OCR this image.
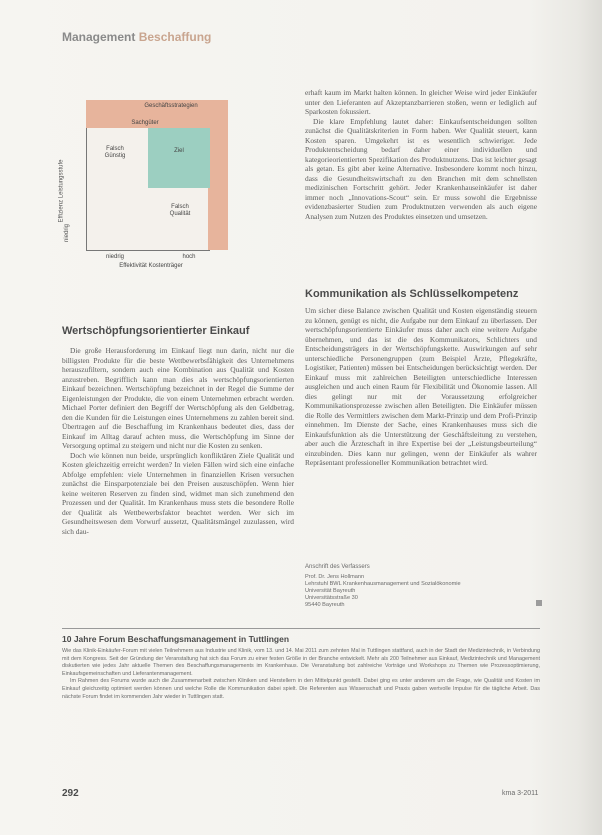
Management Beschaffung
Geschäftsstrategien
Sachgüter
Falsch
Günstig
Ziel
Falsch
Qualität
Effizienz Leistungsstufe
niedrig
niedrig	hoch
Effektivität Kostenträger
Wertschöpfungsorientierter Einkauf

Die große Herausforderung im Einkauf liegt nun darin, nicht nur die billigsten Produkte für die beste Wettbewerbsfähigkeit des Unternehmens herauszufiltern, sondern auch eine Kombination aus Qualität und Kosten anzustreben. Begrifflich kann man dies als wertschöpfungsorientierten Einkauf bezeichnen. Wertschöpfung bezeichnet in der Regel die Summe der Eigenleistungen der Produkte, die von einem Unternehmen erbracht werden. Michael Porter definiert den Begriff der Wertschöpfung als den Geldbetrag, den die Kunden für die Leistungen eines Unternehmens zu zahlen bereit sind. Übertragen auf die Beschaffung im Krankenhaus bedeutet dies, dass der Einkauf im Alltag darauf achten muss, die Wertschöpfung im Sinne der Versorgung optimal zu steigern und nicht nur die Kosten zu senken.

Doch wie können nun beide, ursprünglich konfliktären Ziele Qualität und Kosten gleichzeitig erreicht werden? In vielen Fällen wird sich eine einfache Abfolge empfehlen: viele Unternehmen in finanziellen Krisen versuchen zunächst die Einsparpotenziale bei den Preisen auszuschöpfen. Wenn hier keine weiteren Reserven zu finden sind, widmet man sich zunehmend den Prozessen und der Qualität. Im Krankenhaus muss stets die besondere Rolle der Qualität als Wettbewerbsfaktor beachtet werden. Wer sich im Gesundheitswesen dem Vorwurf aussetzt, Qualitätsmängel zuzulassen, wird sich dau-

erhaft kaum im Markt halten können. In gleicher Weise wird jeder Einkäufer unter den Lieferanten auf Akzeptanzbarrieren stoßen, wenn er lediglich auf Sparkosten fokussiert.

Die klare Empfehlung lautet daher: Einkaufsentscheidungen sollten zunächst die Qualitätskriterien in Form haben. Wer Qualität steuert, kann Kosten sparen. Umgekehrt ist es wesentlich schwieriger. Jede Produktentscheidung bedarf daher einer individuellen und kategorieorientierten Spezifikation des Produktnutzens. Das ist leichter gesagt als getan. Es gibt aber keine Alternative. Insbesondere kommt noch hinzu, dass die Gesundheitswirtschaft zu den Branchen mit dem schnellsten medizinischen Fortschritt gehört. Jeder Krankenhauseinkäufer ist daher immer noch „Innovations-Scout“ sein. Er muss sowohl die Ergebnisse evidenzbasierter Studien zum Produktnutzen verwenden als auch eigene Analysen zum Nutzen des Produktes einsetzen und umsetzen.

Kommunikation als Schlüsselkompetenz

Um sicher diese Balance zwischen Qualität und Kosten eigenständig steuern zu können, genügt es nicht, die Aufgabe nur dem Einkauf zu überlassen. Der wertschöpfungsorientierte Einkäufer muss daher auch eine weitere Aufgabe übernehmen, und das ist die des Kommunikators, Schlichters und Entscheidungsträgers in der Wertschöpfungskette. Auswirkungen auf sehr unterschiedliche Personengruppen (zum Beispiel Ärzte, Pflegekräfte, Logistiker, Patienten) müssen bei Entscheidungen berücksichtigt werden. Der Einkauf muss mit zahlreichen Beteiligten unterschiedliche Interessen ausgleichen und auch einen Raum für Flexibilität und Ökonomie lassen. All dies gelingt nur mit der Voraussetzung erfolgreicher Kommunikationsprozesse zwischen allen Beteiligten. Die Einkäufer müssen die Rolle des Vermittlers zwischen dem Markt-Prinzip und dem Profi-Prinzip einnehmen. Im Dienste der Sache, eines Krankenhauses muss sich die Einkaufsfunktion als die Unterstützung der Geschäftsleitung zu verstehen, aber auch die Ärzteschaft in ihre Expertise bei der „Leistungsbeurteilung“ einzubinden. Dies kann nur gelingen, wenn der Einkäufer als wahrer Repräsentant professioneller Kommunikation betrachtet wird.

Anschrift des Verfassers
Prof. Dr. Jens Hollmann
Lehrstuhl BWL Krankenhausmanagement und Sozialökonomie
Universität Bayreuth
Universitätsstraße 30
95440 Bayreuth
10 Jahre Forum Beschaffungsmanagement in Tuttlingen

Wie das Klinik-Einkäufer-Forum mit vielen Teilnehmern aus Industrie und Klinik, vom 13. und 14. Mai 2011 zum zehnten Mal in Tuttlingen stattfand, auch in der Stadt der Medizintechnik, in Verbindung mit dem Kongress. Seit der Gründung der Veranstaltung hat sich das Forum zu einer festen Größe in der Branche entwickelt. Mehr als 200 Teilnehmer aus Einkauf, Medizintechnik und Management diskutierten wie jedes Jahr aktuelle Themen des Beschaffungsmanagements im Krankenhaus. Die Veranstaltung bot zahlreiche Vorträge und Workshops zu Themen wie Prozessoptimierung, Einkaufsgemeinschaften und Lieferantenmanagement.

Im Rahmen des Forums wurde auch die Zusammenarbeit zwischen Kliniken und Herstellern in den Mittelpunkt gestellt. Dabei ging es unter anderem um die Frage, wie Qualität und Kosten im Einkauf gleichzeitig optimiert werden können und welche Rolle die Kommunikation dabei spielt. Die Referenten aus Wissenschaft und Praxis gaben wertvolle Impulse für die tägliche Arbeit. Das nächste Forum findet im kommenden Jahr wieder in Tuttlingen statt.

292	kma 3-2011
